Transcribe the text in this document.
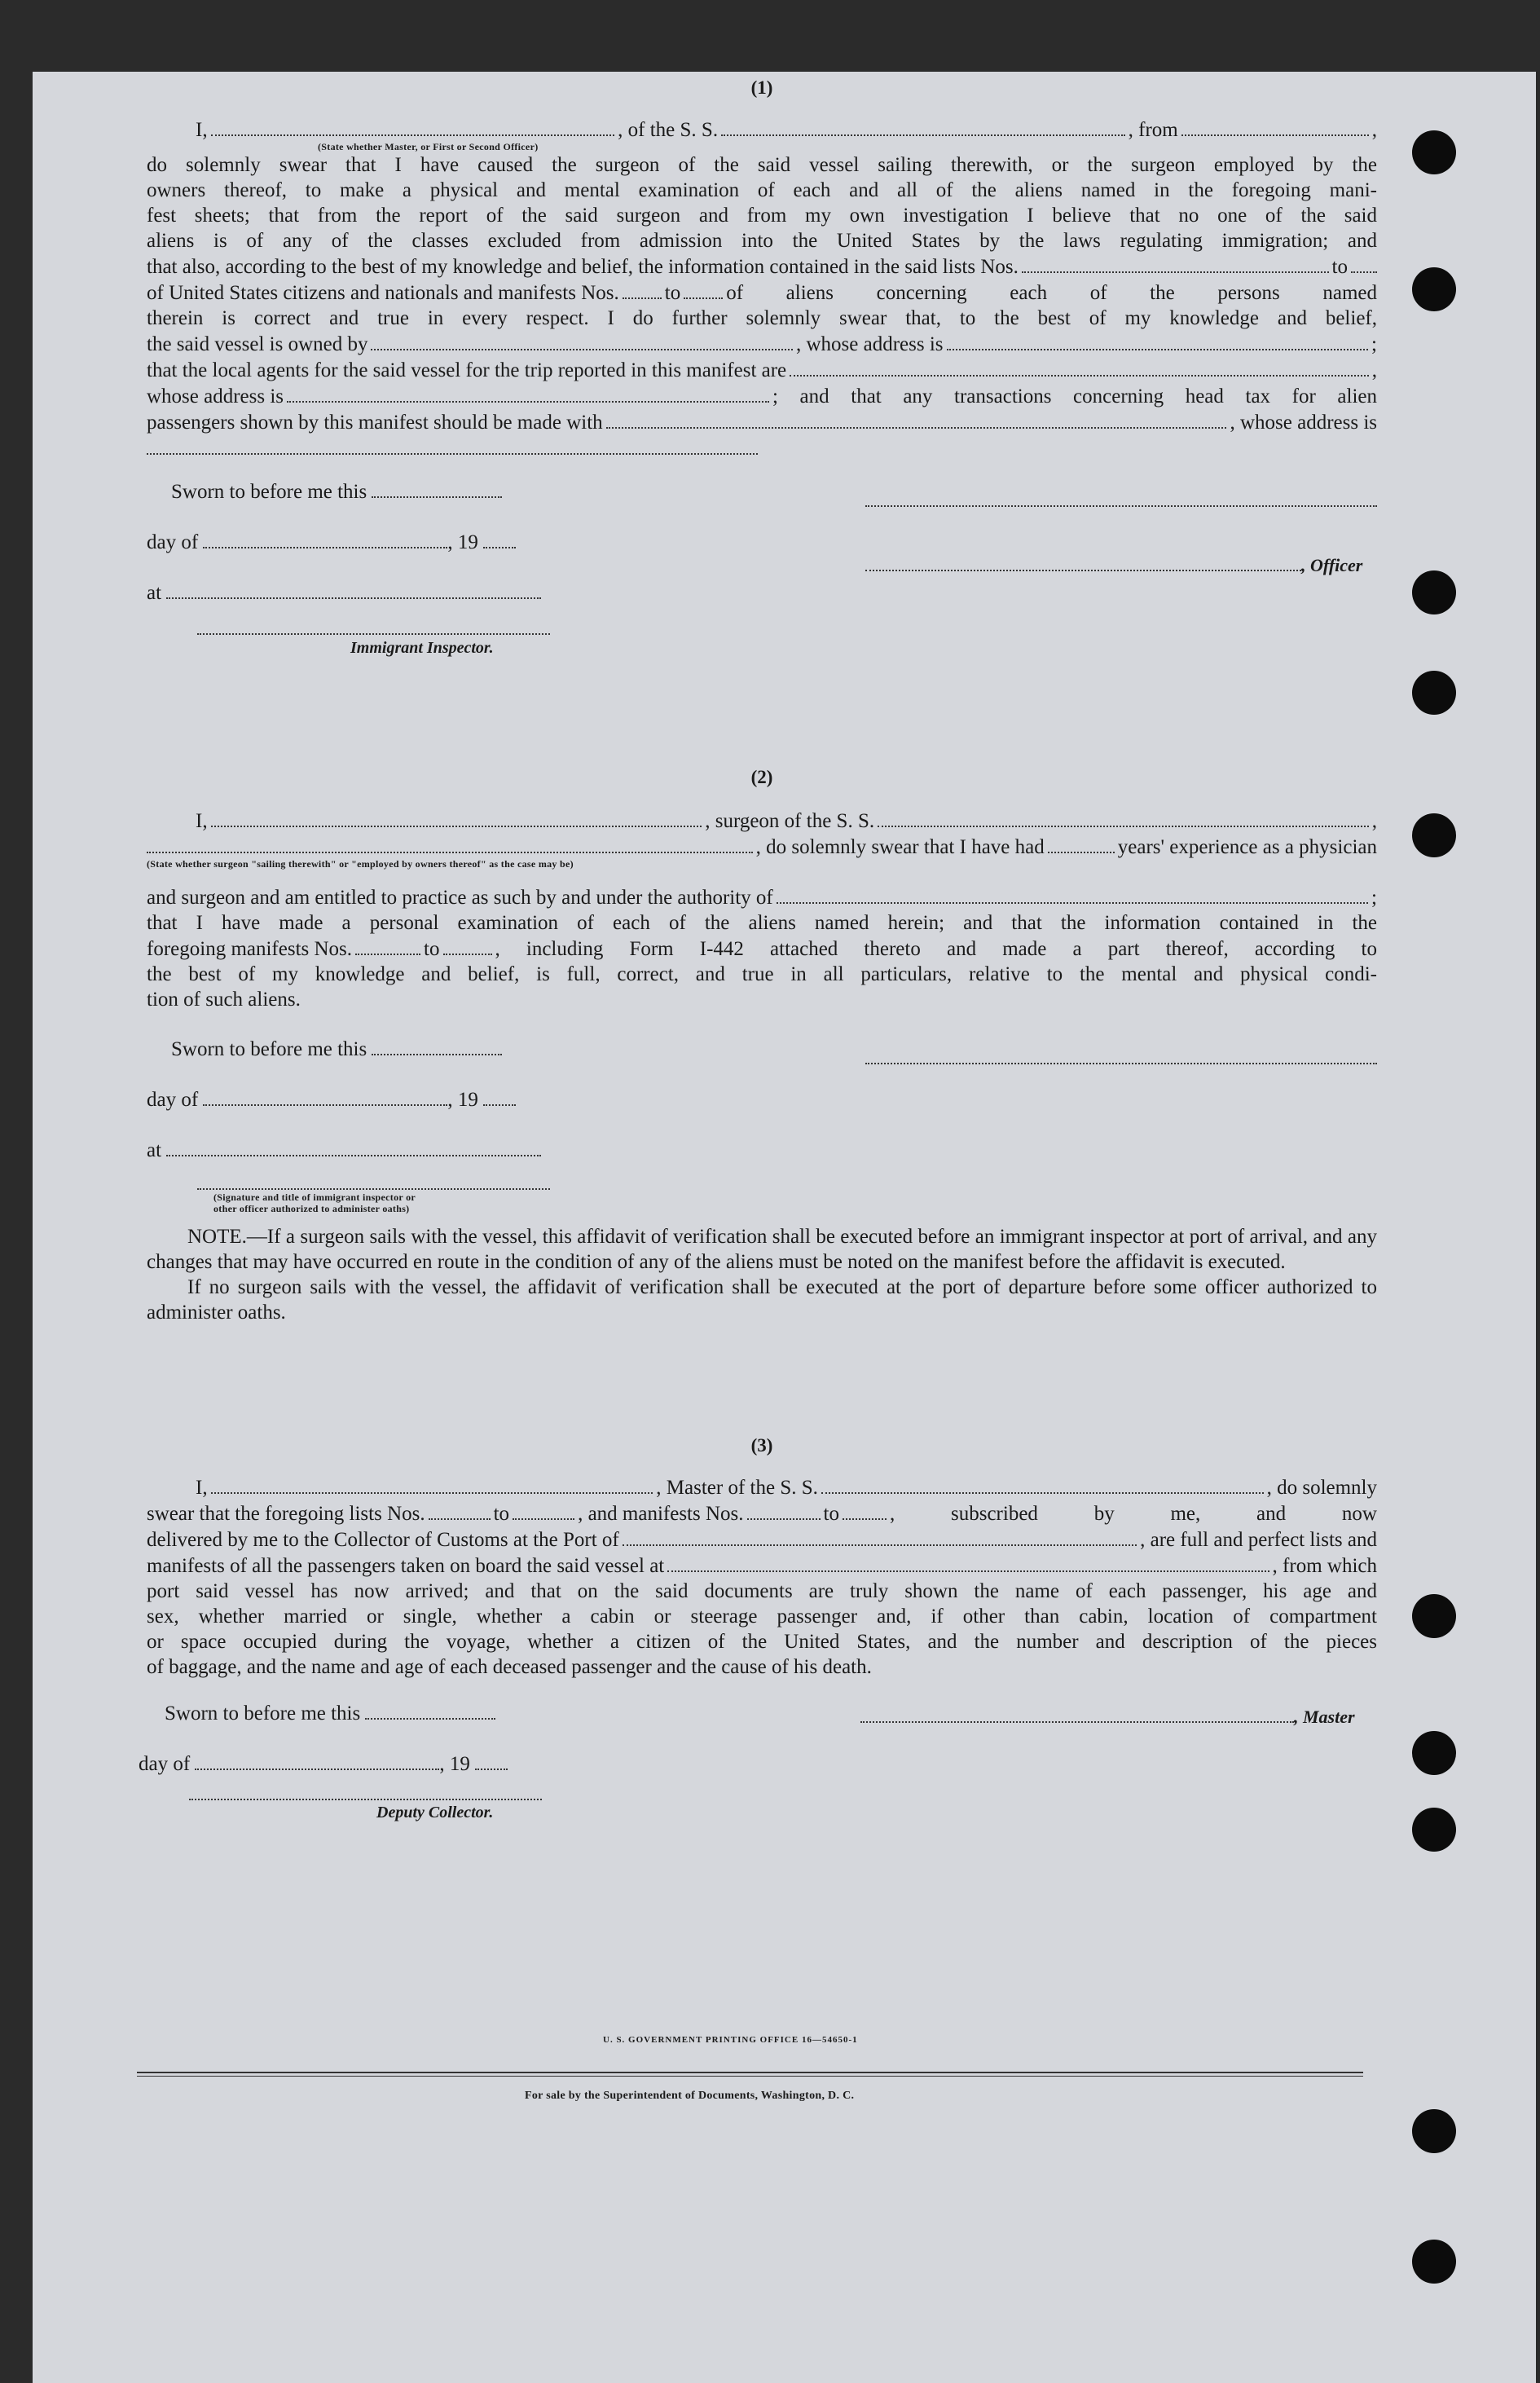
(1)
I,	, of the S. S.	, from	,
(State whether Master, or First or Second Officer)
do solemnly swear that I have caused the surgeon of the said vessel sailing therewith, or the surgeon employed by the
owners thereof, to make a physical and mental examination of each and all of the aliens named in the foregoing mani-
fest sheets; that from the report of the said surgeon and from my own investigation I believe that no one of the said
aliens is of any of the classes excluded from admission into the United States by the laws regulating immigration; and
that also, according to the best of my knowledge and belief, the information contained in the said lists Nos.	to
of United States citizens and nationals and manifests Nos. to of aliens concerning each of the persons named
therein is correct and true in every respect. I do further solemnly swear that, to the best of my knowledge and belief,
the said vessel is owned by	, whose address is	;
that the local agents for the said vessel for the trip reported in this manifest are	,
whose address is	; and that any transactions concerning head tax for alien
passengers shown by this manifest should be made with	, whose address is
Sworn to before me this
day of	, 19
, Officer
at
Immigrant Inspector.
(2)
I,	, surgeon of the S. S.	,
, do solemnly swear that I have had	years' experience as a physician
(State whether surgeon "sailing therewith" or "employed by owners thereof" as the case may be)
and surgeon and am entitled to practice as such by and under the authority of	;
that I have made a personal examination of each of the aliens named herein; and that the information contained in the
foregoing manifests Nos.	to	, including Form I-442 attached thereto and made a part thereof, according to
the best of my knowledge and belief, is full, correct, and true in all particulars, relative to the mental and physical condi-
tion of such aliens.
Sworn to before me this
day of	, 19
at
(Signature and title of immigrant inspector or
other officer authorized to administer oaths)
NOTE.—If a surgeon sails with the vessel, this affidavit of verification shall be executed before an immigrant inspector at port of arrival, and any changes that may have occurred en route in the condition of any of the aliens must be noted on the manifest before the affidavit is executed.
If no surgeon sails with the vessel, the affidavit of verification shall be executed at the port of departure before some officer authorized to administer oaths.
(3)
I,	, Master of the S. S.	, do solemnly
swear that the foregoing lists Nos.	to	, and manifests Nos.	to , subscribed by me, and now
delivered by me to the Collector of Customs at the Port of	, are full and perfect lists and
manifests of all the passengers taken on board the said vessel at	, from which
port said vessel has now arrived; and that on the said documents are truly shown the name of each passenger, his age and
sex, whether married or single, whether a cabin or steerage passenger and, if other than cabin, location of compartment
or space occupied during the voyage, whether a citizen of the United States, and the number and description of the pieces
of baggage, and the name and age of each deceased passenger and the cause of his death.
Sworn to before me this	, Master
day of	, 19
Deputy Collector.
U. S. GOVERNMENT PRINTING OFFICE 16—54650-1
For sale by the Superintendent of Documents, Washington, D. C.
